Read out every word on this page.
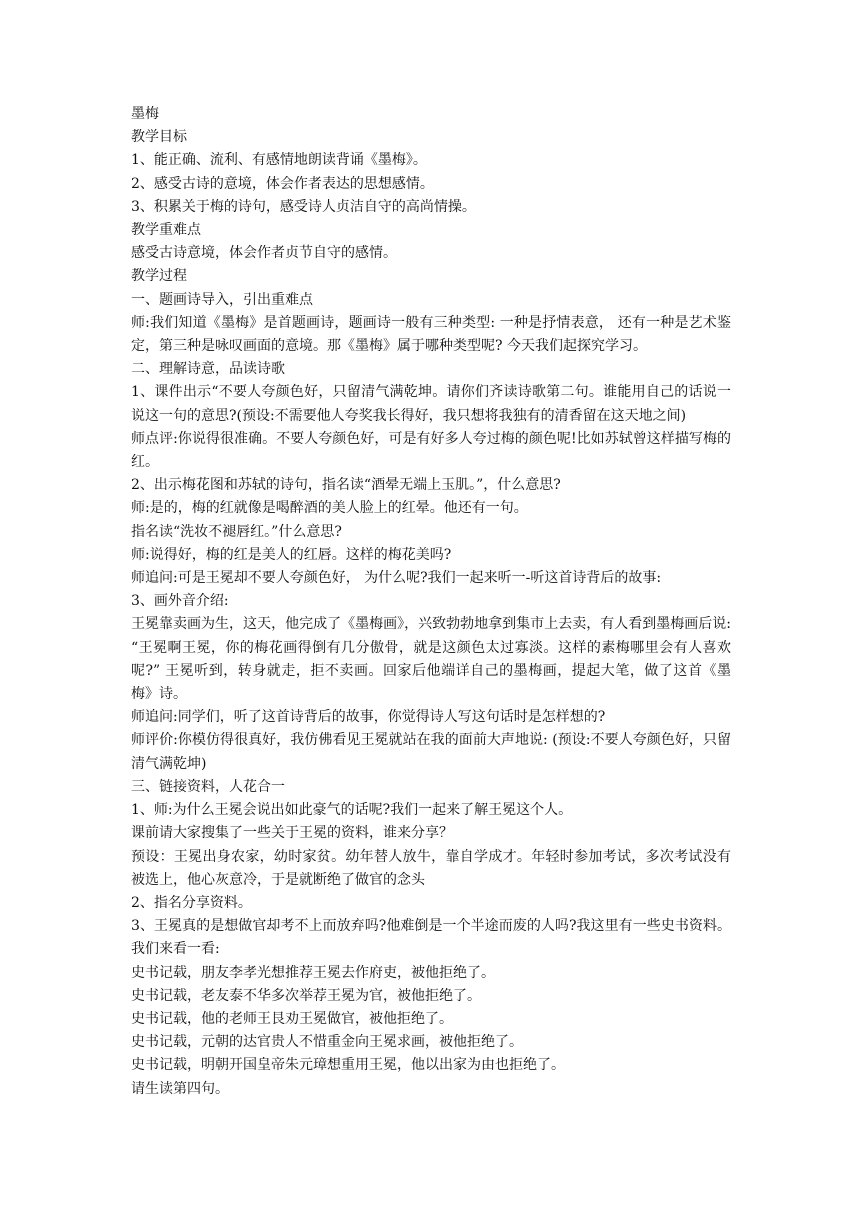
墨梅

教学目标

1、能正确、流利、有感情地朗读背诵《墨梅》。

2、感受古诗的意境，体会作者表达的思想感情。

3、积累关于梅的诗句，感受诗人贞洁自守的高尚情操。

教学重难点

感受古诗意境，体会作者贞节自守的感情。

教学过程

一、题画诗导入，引出重难点

师:我们知道《墨梅》是首题画诗，题画诗一般有三种类型: 一种是抒情表意， 还有一种是艺术鉴定，第三种是咏叹画面的意境。那《墨梅》属于哪种类型呢? 今天我们起探究学习。

二、理解诗意，品读诗歌

1、课件出示“不要人夸颜色好，只留清气满乾坤。请你们齐读诗歌第二句。谁能用自己的话说一说这一句的意思?(预设:不需要他人夸奖我长得好，我只想将我独有的清香留在这天地之间)

师点评:你说得很准确。不要人夸颜色好，可是有好多人夸过梅的颜色呢!比如苏轼曾这样描写梅的红。

2、出示梅花图和苏轼的诗句，指名读“酒晕无端上玉肌。”，什么意思?

师:是的，梅的红就像是喝醉酒的美人脸上的红晕。他还有一句。

指名读“洗妆不褪唇红。”什么意思?

师:说得好，梅的红是美人的红唇。这样的梅花美吗?

师追问:可是王冕却不要人夸颜色好， 为什么呢?我们一起来听一-听这首诗背后的故事:

3、画外音介绍:

王冕靠卖画为生，这天，他完成了《墨梅画》，兴致勃勃地拿到集市上去卖，有人看到墨梅画后说: “王冕啊王冕，你的梅花画得倒有几分傲骨，就是这颜色太过寡淡。这样的素梅哪里会有人喜欢呢?” 王冕听到，转身就走，拒不卖画。回家后他端详自己的墨梅画，提起大笔，做了这首《墨梅》诗。

师追问:同学们，听了这首诗背后的故事，你觉得诗人写这句话时是怎样想的?

师评价:你模仿得很真好，我仿佛看见王冕就站在我的面前大声地说: (预设:不要人夸颜色好，只留清气满乾坤)

三、链接资料，人花合一

1、师:为什么王冕会说出如此豪气的话呢?我们一起来了解王冕这个人。

课前请大家搜集了一些关于王冕的资料，谁来分享？

预设：王冕出身农家，幼时家贫。幼年替人放牛，靠自学成才。年轻时参加考试，多次考试没有被选上，他心灰意冷，于是就断绝了做官的念头

2、指名分享资料。

3、王冕真的是想做官却考不上而放弃吗?他难倒是一个半途而废的人吗?我这里有一些史书资料。我们来看一看:

史书记载，朋友李孝光想推荐王冕去作府吏，被他拒绝了。

史书记载，老友泰不华多次举荐王冕为官，被他拒绝了。

史书记载，他的老师王艮劝王冕做官，被他拒绝了。

史书记载，元朝的达官贵人不惜重金向王冕求画，被他拒绝了。

史书记载，明朝开国皇帝朱元璋想重用王冕，他以出家为由也拒绝了。

请生读第四句。
